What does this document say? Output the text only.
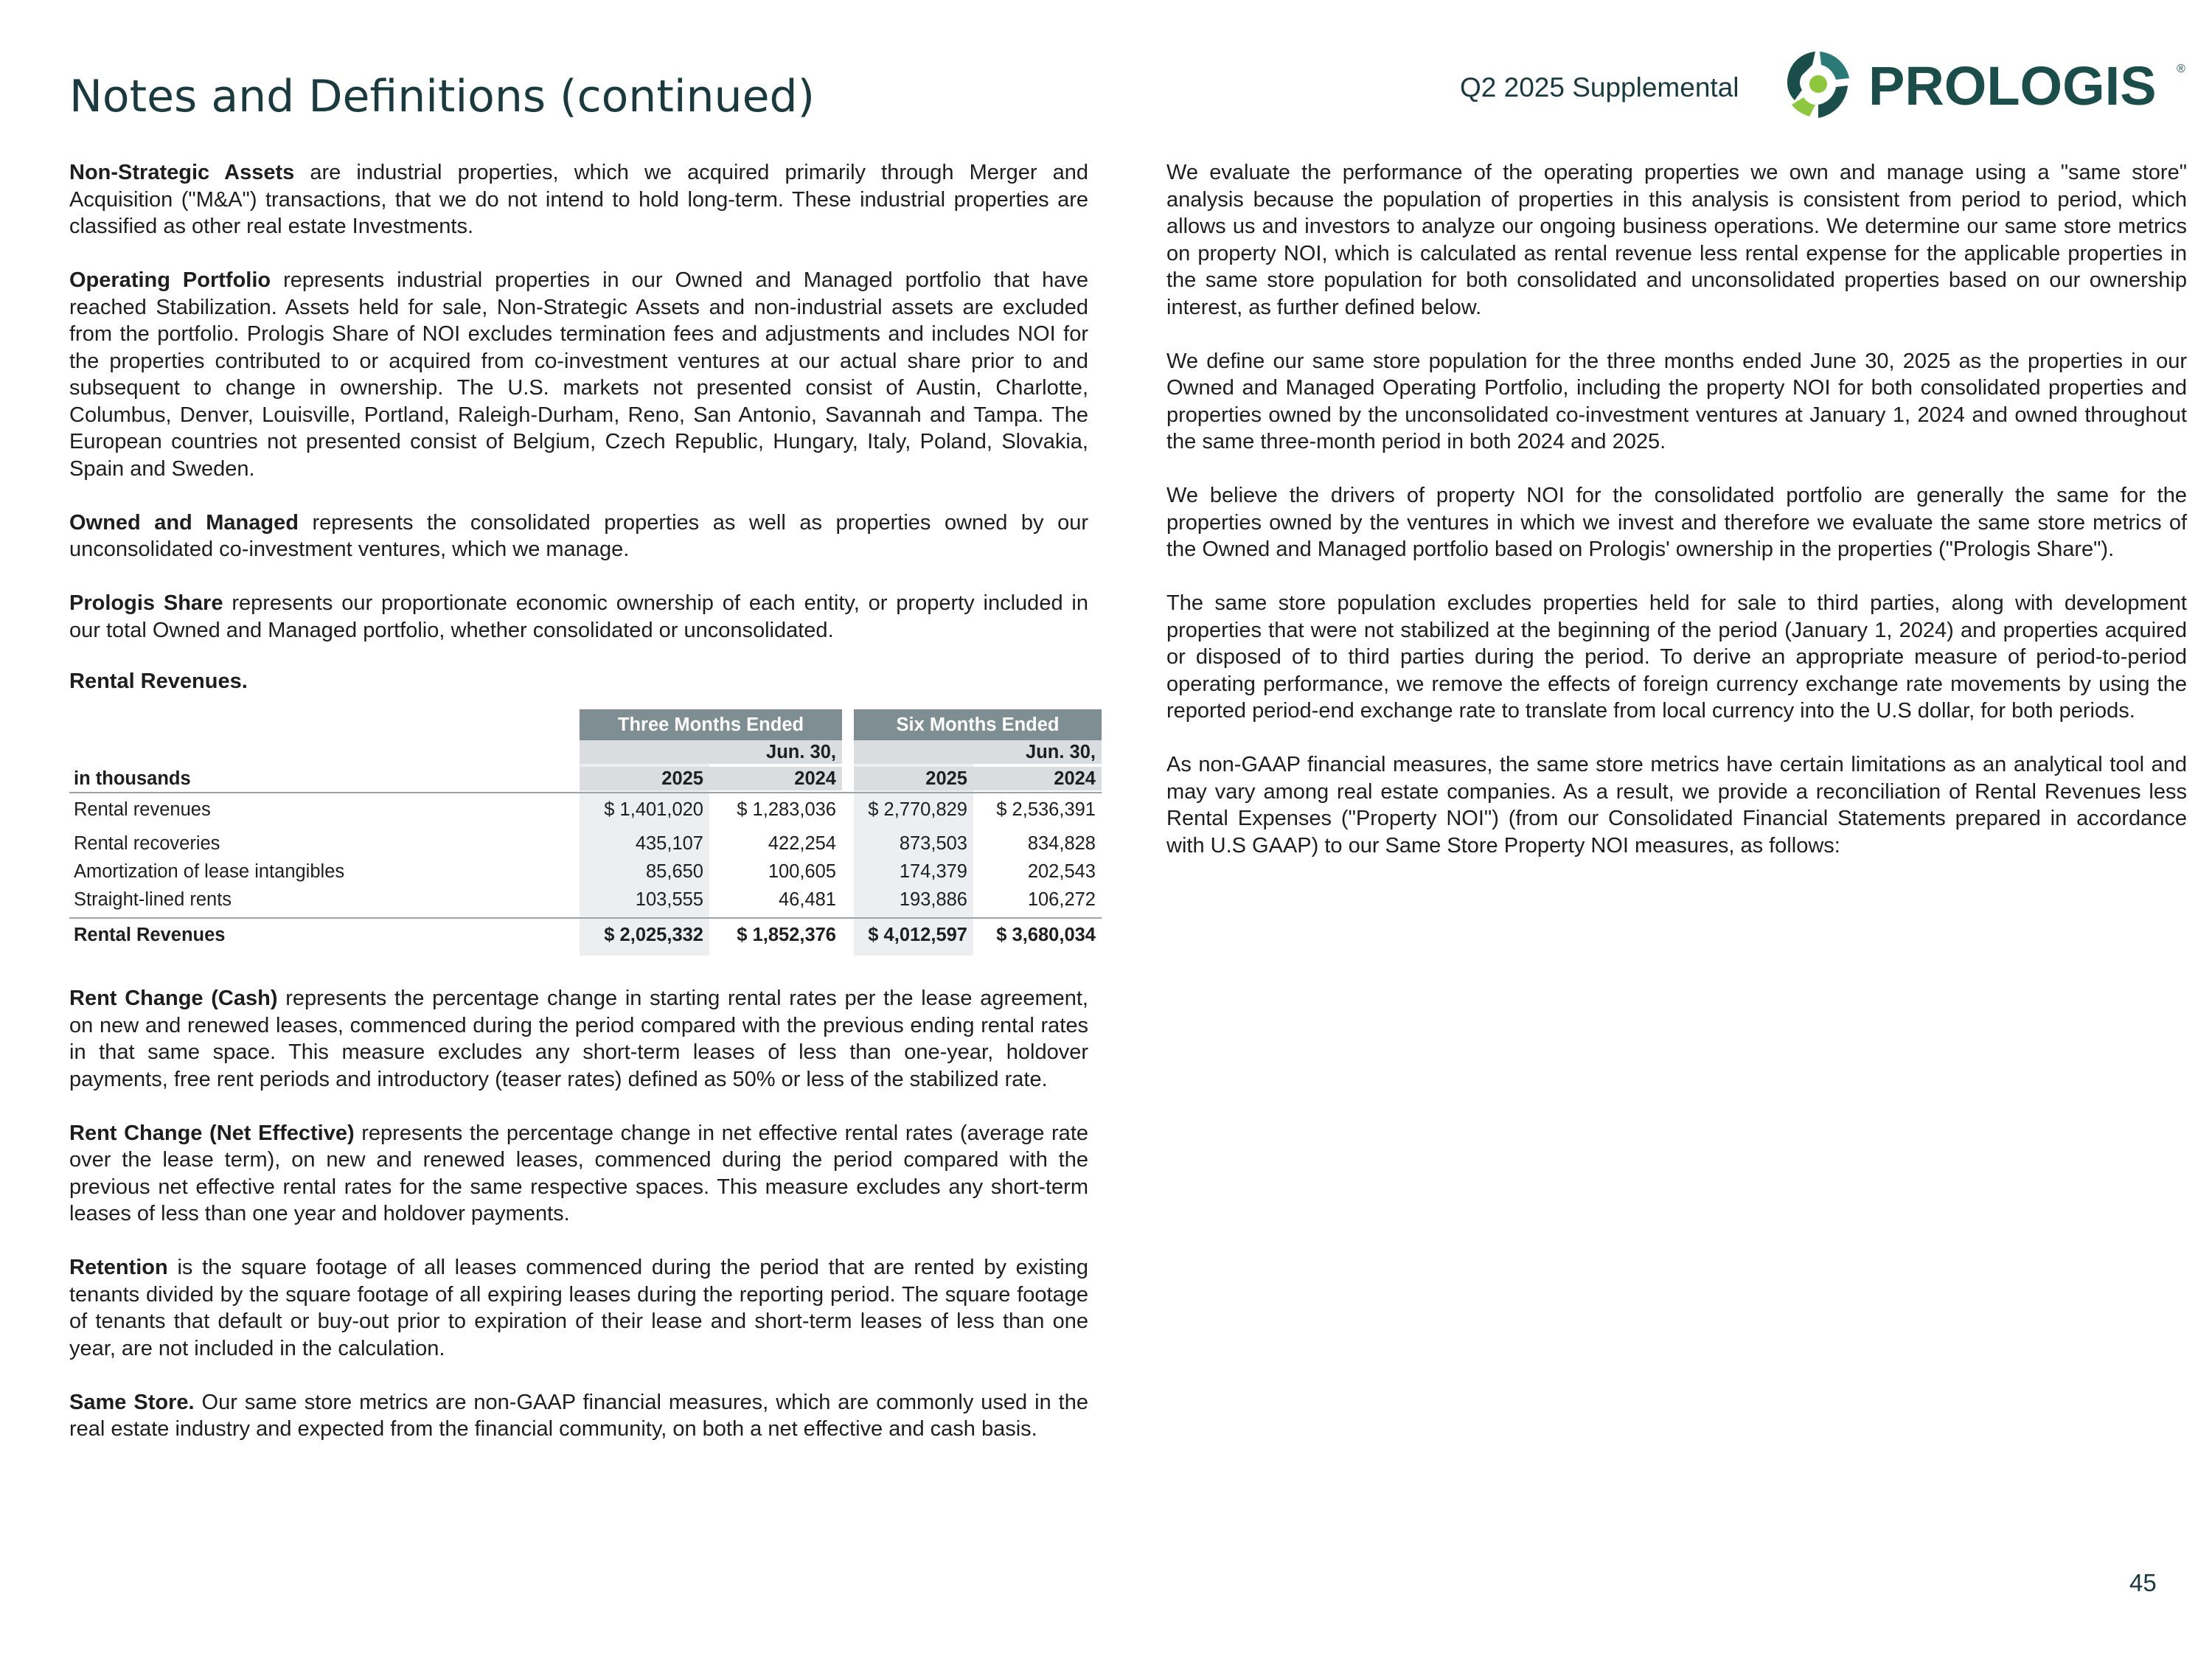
Notes and Definitions (continued)	Q2 2025 Supplemental PROLOGIS ®

Non-Strategic Assets are industrial properties, which we acquired primarily through Merger and Acquisition ("M&A") transactions, that we do not intend to hold long-term. These industrial properties are classified as other real estate Investments.

Operating Portfolio represents industrial properties in our Owned and Managed portfolio that have reached Stabilization. Assets held for sale, Non-Strategic Assets and non-industrial assets are excluded from the portfolio. Prologis Share of NOI excludes termination fees and adjustments and includes NOI for the properties contributed to or acquired from co-investment ventures at our actual share prior to and subsequent to change in ownership. The U.S. markets not presented consist of Austin, Charlotte, Columbus, Denver, Louisville, Portland, Raleigh-Durham, Reno, San Antonio, Savannah and Tampa. The European countries not presented consist of Belgium, Czech Republic, Hungary, Italy, Poland, Slovakia, Spain and Sweden.

Owned and Managed represents the consolidated properties as well as properties owned by our unconsolidated co-investment ventures, which we manage.

Prologis Share represents our proportionate economic ownership of each entity, or property included in our total Owned and Managed portfolio, whether consolidated or unconsolidated.

Rental Revenues.
Three Months Ended	Six Months Ended
Jun. 30,	Jun. 30,
in thousands	2025	2024	2025	2024
Rental revenues	$ 1,401,020	$ 1,283,036	$ 2,770,829	$ 2,536,391
Rental recoveries	435,107	422,254	873,503	834,828
Amortization of lease intangibles	85,650	100,605	174,379	202,543
Straight-lined rents	103,555	46,481	193,886	106,272
Rental Revenues	$ 2,025,332	$ 1,852,376	$ 4,012,597	$ 3,680,034

Rent Change (Cash) represents the percentage change in starting rental rates per the lease agreement, on new and renewed leases, commenced during the period compared with the previous ending rental rates in that same space. This measure excludes any short-term leases of less than one-year, holdover payments, free rent periods and introductory (teaser rates) defined as 50% or less of the stabilized rate.

Rent Change (Net Effective) represents the percentage change in net effective rental rates (average rate over the lease term), on new and renewed leases, commenced during the period compared with the previous net effective rental rates for the same respective spaces. This measure excludes any short-term leases of less than one year and holdover payments.

Retention is the square footage of all leases commenced during the period that are rented by existing tenants divided by the square footage of all expiring leases during the reporting period. The square footage of tenants that default or buy-out prior to expiration of their lease and short-term leases of less than one year, are not included in the calculation.

Same Store. Our same store metrics are non-GAAP financial measures, which are commonly used in the real estate industry and expected from the financial community, on both a net effective and cash basis.

We evaluate the performance of the operating properties we own and manage using a "same store" analysis because the population of properties in this analysis is consistent from period to period, which allows us and investors to analyze our ongoing business operations. We determine our same store metrics on property NOI, which is calculated as rental revenue less rental expense for the applicable properties in the same store population for both consolidated and unconsolidated properties based on our ownership interest, as further defined below.

We define our same store population for the three months ended June 30, 2025 as the properties in our Owned and Managed Operating Portfolio, including the property NOI for both consolidated properties and properties owned by the unconsolidated co-investment ventures at January 1, 2024 and owned throughout the same three-month period in both 2024 and 2025.

We believe the drivers of property NOI for the consolidated portfolio are generally the same for the properties owned by the ventures in which we invest and therefore we evaluate the same store metrics of the Owned and Managed portfolio based on Prologis' ownership in the properties ("Prologis Share").

The same store population excludes properties held for sale to third parties, along with development properties that were not stabilized at the beginning of the period (January 1, 2024) and properties acquired or disposed of to third parties during the period. To derive an appropriate measure of period-to-period operating performance, we remove the effects of foreign currency exchange rate movements by using the reported period-end exchange rate to translate from local currency into the U.S dollar, for both periods.

As non-GAAP financial measures, the same store metrics have certain limitations as an analytical tool and may vary among real estate companies. As a result, we provide a reconciliation of Rental Revenues less Rental Expenses ("Property NOI") (from our Consolidated Financial Statements prepared in accordance with U.S GAAP) to our Same Store Property NOI measures, as follows:

45
